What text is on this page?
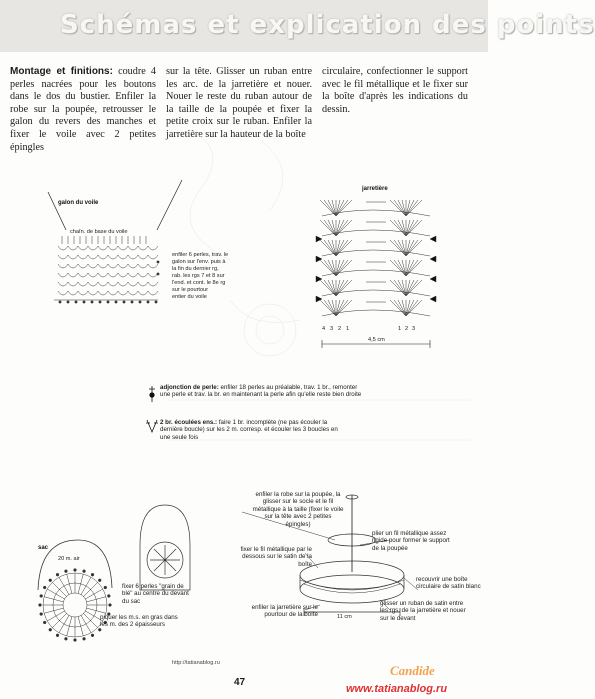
Schémas et explication des points
Montage et finitions: coudre 4 perles nacrées pour les boutons dans le dos du bustier. Enfiler la robe sur la poupée, retrousser le galon du revers des manches et fixer le voile avec 2 petites épingles
sur la tête. Glisser un ruban entre les arc. de la jarretière et nouer. Nouer le reste du ruban autour de la taille de la poupée et fixer la petite croix sur le ruban. Enfiler la jarretière sur la hauteur de la boîte
circulaire, confectionner le support avec le fil métallique et le fixer sur la boîte d'après les indications du dessin.
galon du voile
chaîn. de base du voile
enfiler 6 perles, trav. le
galon sur l'env. puis à
la fin du dernier rg,
rab. les rgs 7 et 8 sur
l'end. et cont. le 8e rg
sur le pourtour
entier du voile
jarretière
4 3 2 1	1 2 3
4,5 cm
sac
20 m. air
11 cm
adjonction de perle: enfiler 18 perles au préalable, trav. 1 br., remonter une perle et trav. la br. en maintenant la perle afin qu'elle reste bien droite
2 br. écoulées ens.: faire 1 br. incomplète (ne pas écouler la dernière boucle) sur les 2 m. corresp. et écouler les 3 boucles en une seule fois
fixer 6 perles "grain de blé" au centre du devant du sac
piquer les m.s. en gras dans les m. des 2 épaisseurs
enfiler la robe sur la poupée, la glisser sur le socle et le fil métallique à la taille (fixer le voile sur la tête avec 2 petites épingles)
fixer le fil métallique par le dessous sur le satin de la boîte
plier un fil métallique assez rigide pour former le support de la poupée
recouvrir une boîte circulaire de satin blanc
enfiler la jarretière sur le pourtour de la boîte
glisser un ruban de satin entre les rgs. de la jarretière et nouer sur le devant
http://tatianablog.ru
47
Candide
www.tatianablog.ru
